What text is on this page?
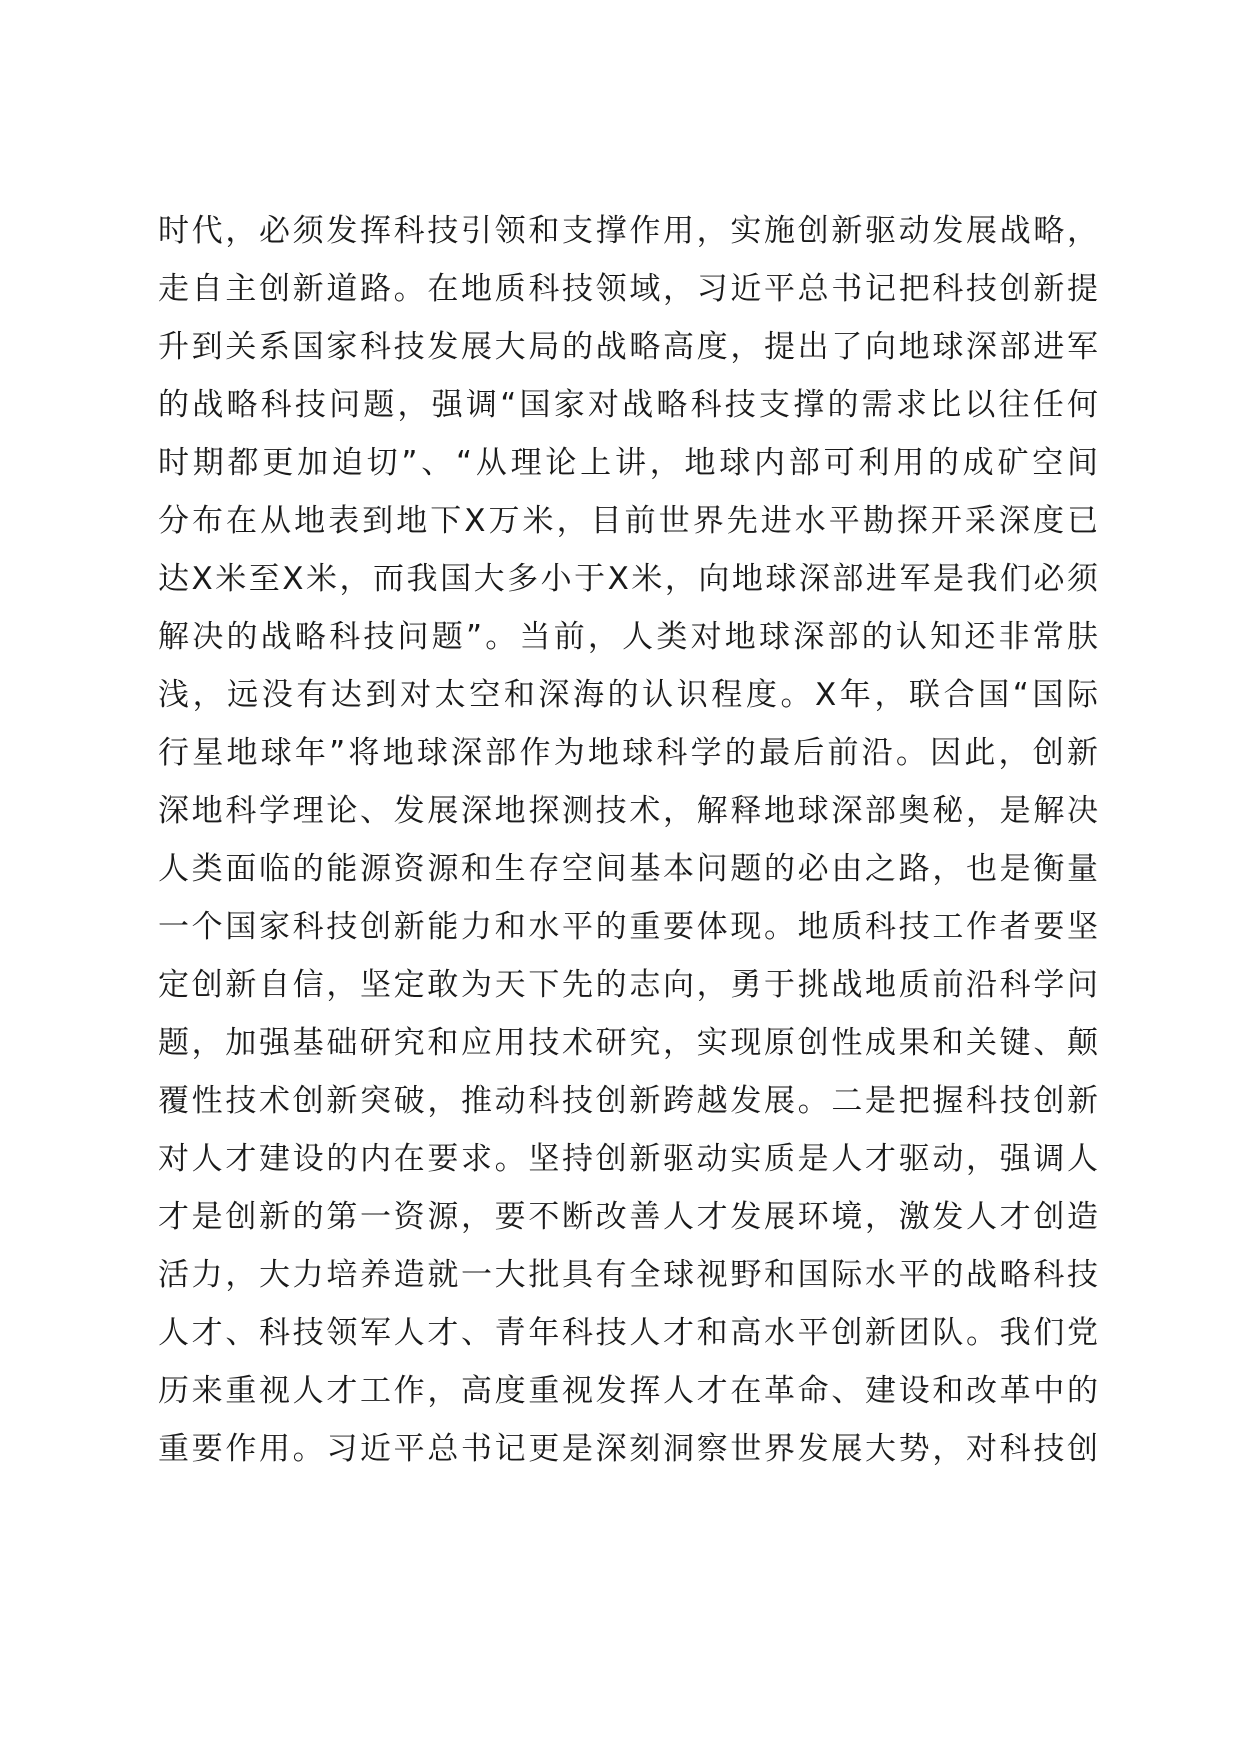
时代，必须发挥科技引领和支撑作用，实施创新驱动发展战略，
走自主创新道路。在地质科技领域，习近平总书记把科技创新提
升到关系国家科技发展大局的战略高度，提出了向地球深部进军
的战略科技问题，强调“国家对战略科技支撑的需求比以往任何
时期都更加迫切”、“从理论上讲，地球内部可利用的成矿空间
分布在从地表到地下X万米，目前世界先进水平勘探开采深度已
达X米至X米，而我国大多小于X米，向地球深部进军是我们必须
解决的战略科技问题”。当前，人类对地球深部的认知还非常肤
浅，远没有达到对太空和深海的认识程度。X年，联合国“国际
行星地球年”将地球深部作为地球科学的最后前沿。因此，创新
深地科学理论、发展深地探测技术，解释地球深部奥秘，是解决
人类面临的能源资源和生存空间基本问题的必由之路，也是衡量
一个国家科技创新能力和水平的重要体现。地质科技工作者要坚
定创新自信，坚定敢为天下先的志向，勇于挑战地质前沿科学问
题，加强基础研究和应用技术研究，实现原创性成果和关键、颠
覆性技术创新突破，推动科技创新跨越发展。二是把握科技创新
对人才建设的内在要求。坚持创新驱动实质是人才驱动，强调人
才是创新的第一资源，要不断改善人才发展环境，激发人才创造
活力，大力培养造就一大批具有全球视野和国际水平的战略科技
人才、科技领军人才、青年科技人才和高水平创新团队。我们党
历来重视人才工作，高度重视发挥人才在革命、建设和改革中的
重要作用。习近平总书记更是深刻洞察世界发展大势，对科技创
